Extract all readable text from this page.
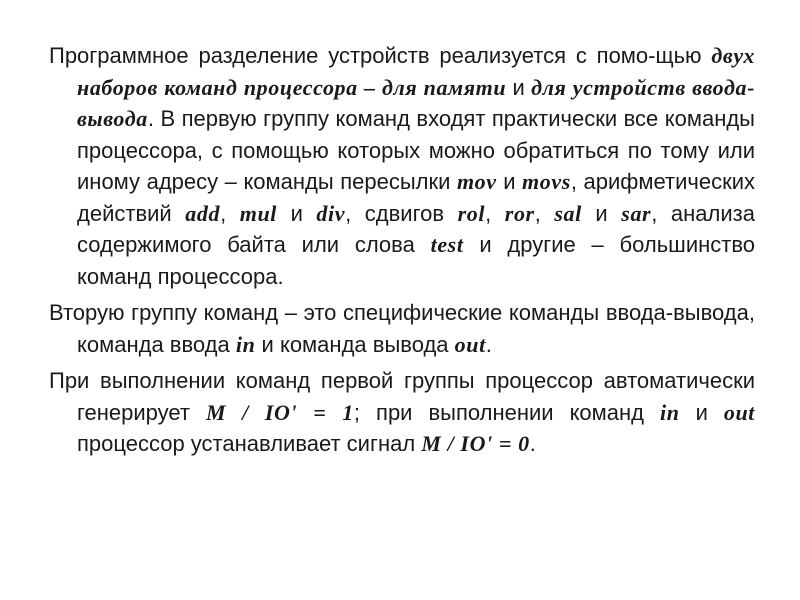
Программное разделение устройств реализуется с помо-щью двух наборов команд процессора – для памяти и для устройств ввода-вывода. В первую группу команд входят практически все команды процессора, с помощью которых можно обратиться по тому или иному адресу – команды пересылки mov и movs, арифметических действий add, mul и div, сдвигов rol, ror, sal и sar, анализа содержимого байта или слова test и другие – большинство команд процессора.

Вторую группу команд – это специфические команды ввода-вывода, команда ввода in и команда вывода out.

При выполнении команд первой группы процессор автоматически генерирует M / IO' = 1; при выполнении команд in и out процессор устанавливает сигнал M / IO' = 0.
